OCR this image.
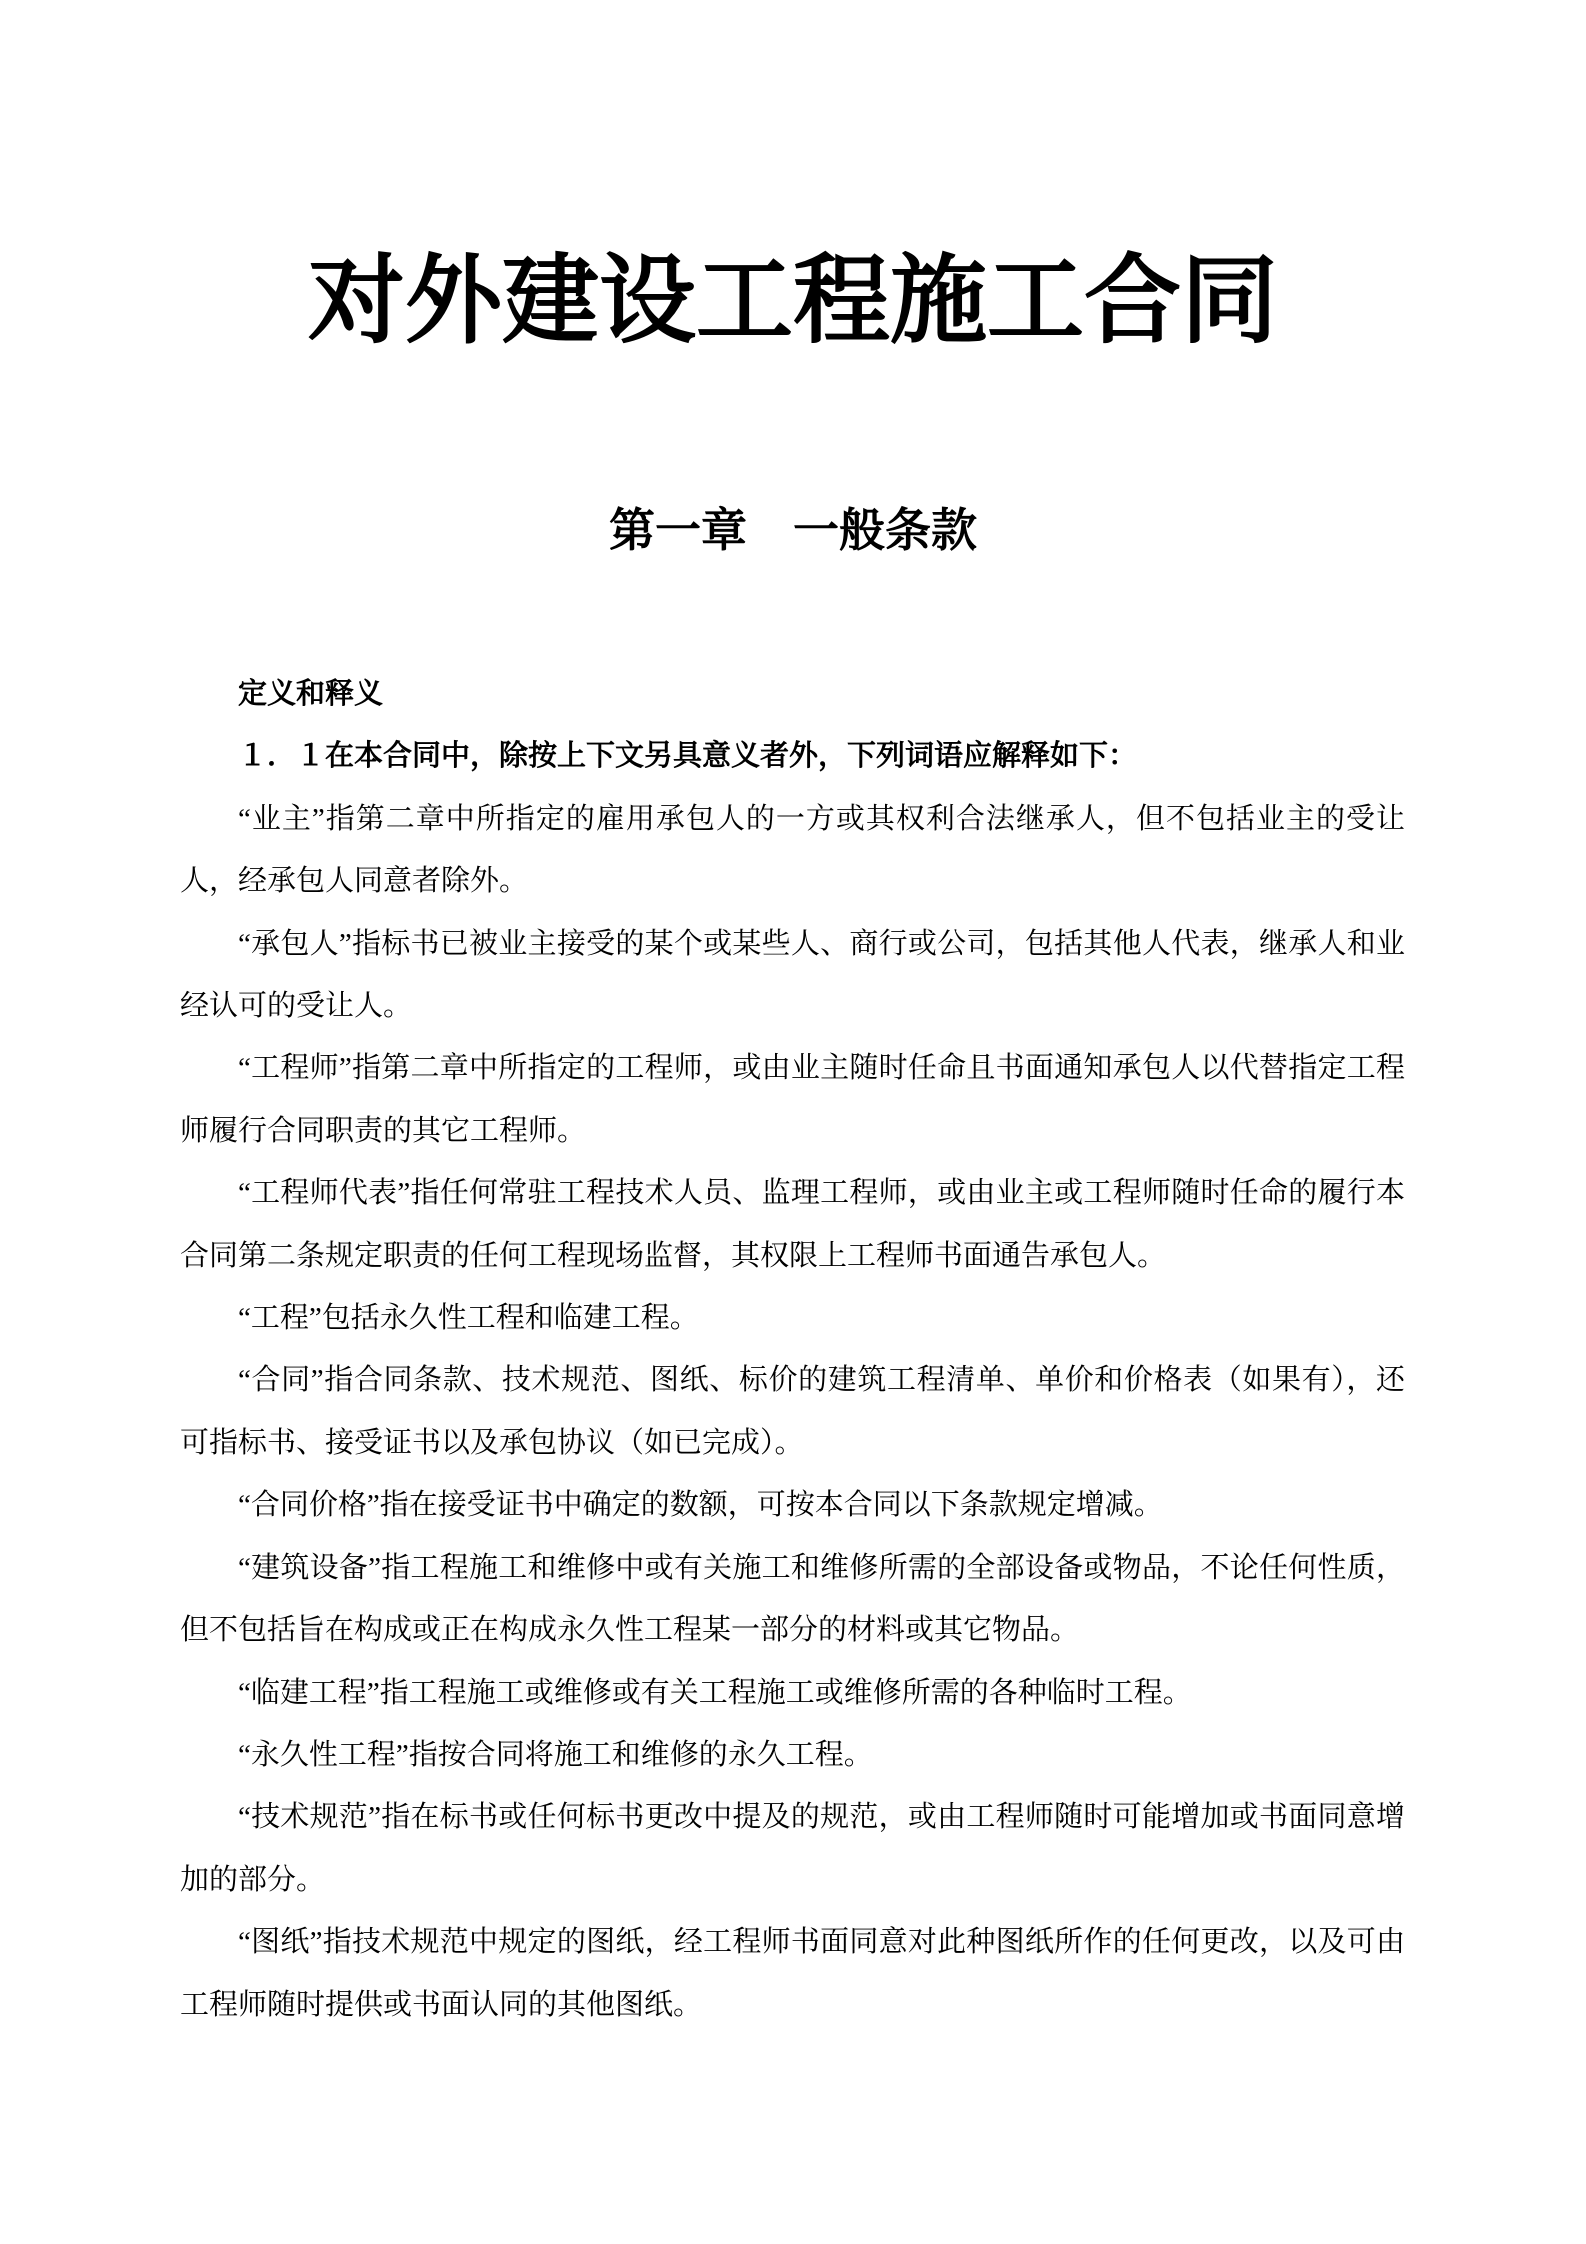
对外建设工程施工合同
第一章　一般条款

定义和释义

１．１在本合同中，除按上下文另具意义者外，下列词语应解释如下：

“业主”指第二章中所指定的雇用承包人的一方或其权利合法继承人，但不包括业主的受让人，经承包人同意者除外。

“承包人”指标书已被业主接受的某个或某些人、商行或公司，包括其他人代表，继承人和业经认可的受让人。

“工程师”指第二章中所指定的工程师，或由业主随时任命且书面通知承包人以代替指定工程师履行合同职责的其它工程师。

“工程师代表”指任何常驻工程技术人员、监理工程师，或由业主或工程师随时任命的履行本合同第二条规定职责的任何工程现场监督，其权限上工程师书面通告承包人。

“工程”包括永久性工程和临建工程。

“合同”指合同条款、技术规范、图纸、标价的建筑工程清单、单价和价格表（如果有），还可指标书、接受证书以及承包协议（如已完成）。

“合同价格”指在接受证书中确定的数额，可按本合同以下条款规定增减。

“建筑设备”指工程施工和维修中或有关施工和维修所需的全部设备或物品，不论任何性质，但不包括旨在构成或正在构成永久性工程某一部分的材料或其它物品。

“临建工程”指工程施工或维修或有关工程施工或维修所需的各种临时工程。

“永久性工程”指按合同将施工和维修的永久工程。

“技术规范”指在标书或任何标书更改中提及的规范，或由工程师随时可能增加或书面同意增加的部分。

“图纸”指技术规范中规定的图纸，经工程师书面同意对此种图纸所作的任何更改，以及可由工程师随时提供或书面认同的其他图纸。
